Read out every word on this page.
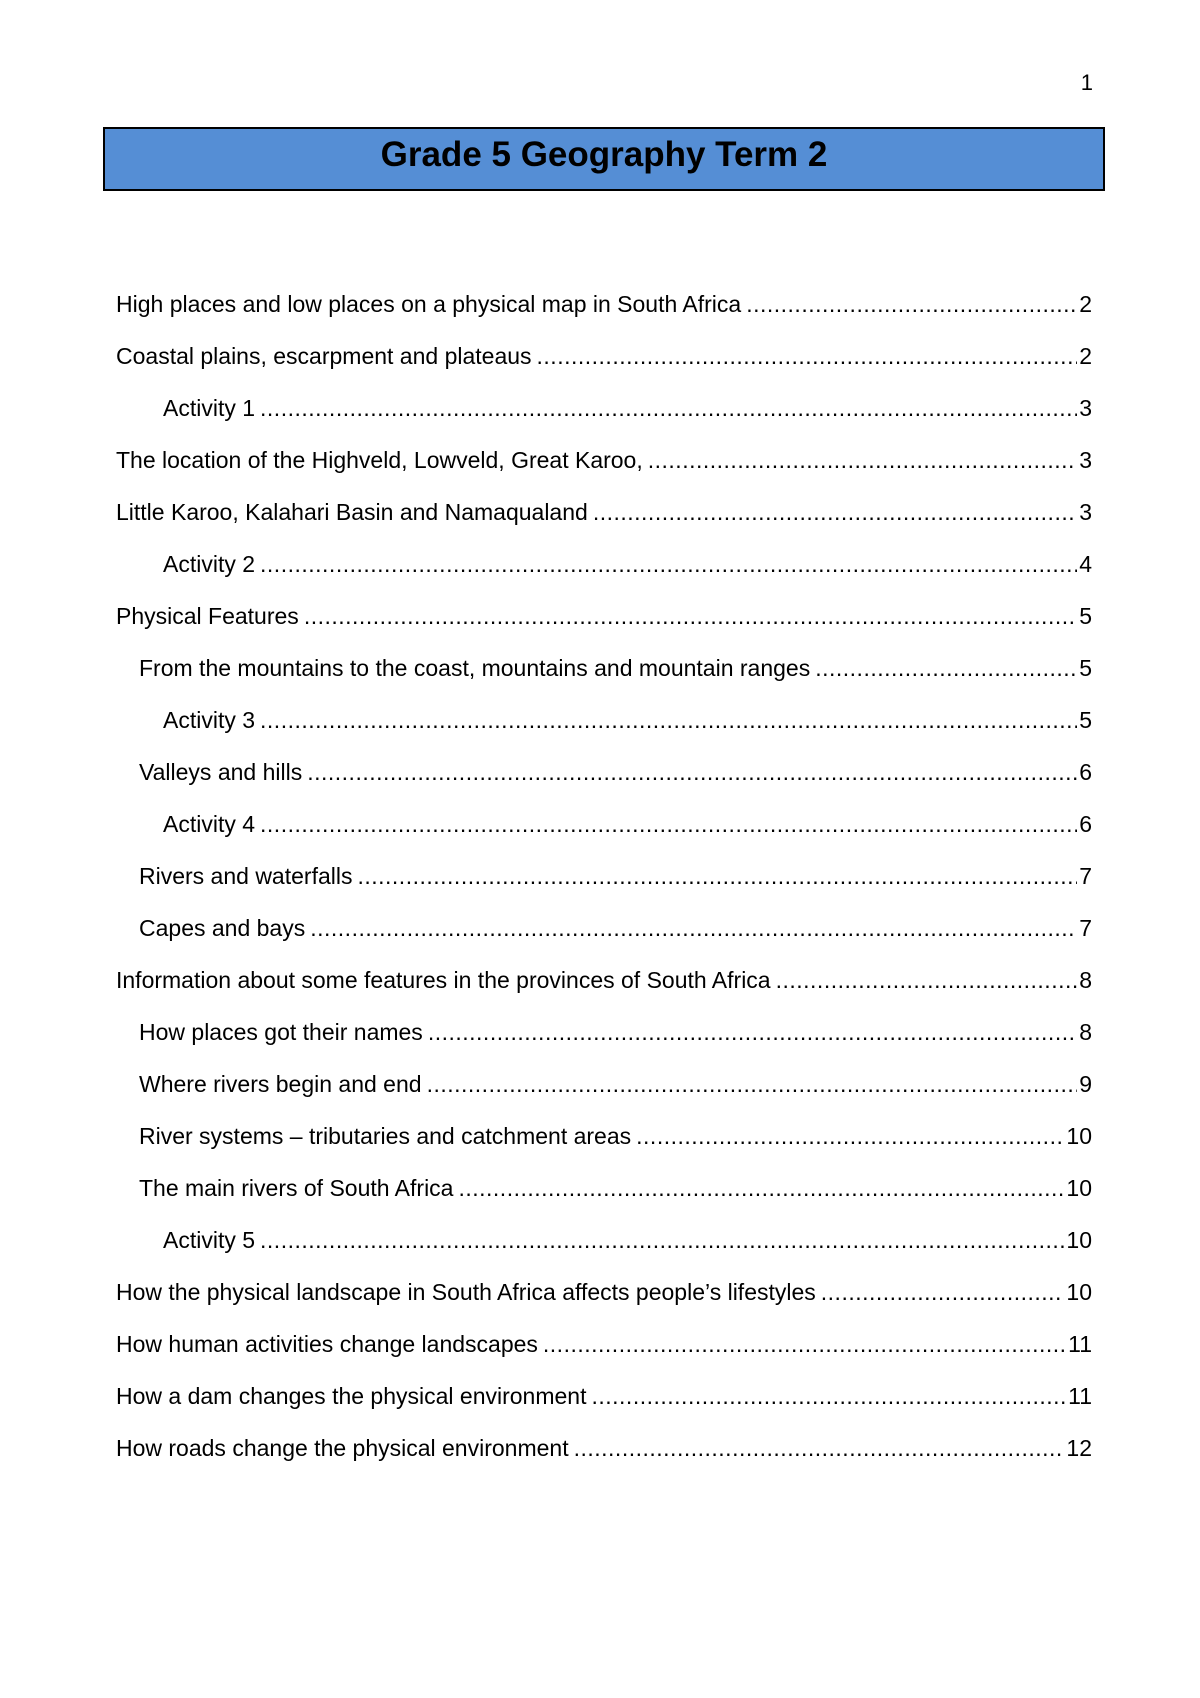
1
Grade 5 Geography Term 2
High places and low places on a physical map in South Africa .....	2
Coastal plains, escarpment and plateaus .....	2
Activity 1 .....	3
The location of the Highveld, Lowveld, Great Karoo, .....	3
Little Karoo, Kalahari Basin and Namaqualand .....	3
Activity 2 .....	4
Physical Features .....	5
From the mountains to the coast, mountains and mountain ranges .....	5
Activity 3 .....	5
Valleys and hills .....	6
Activity 4 .....	6
Rivers and waterfalls .....	7
Capes and bays .....	7
Information about some features in the provinces of South Africa .....	8
How places got their names .....	8
Where rivers begin and end .....	9
River systems – tributaries and catchment areas .....	10
The main rivers of South Africa .....	10
Activity 5 .....	10
How the physical landscape in South Africa affects people’s lifestyles .....	10
How human activities change landscapes .....	11
How a dam changes the physical environment .....	11
How roads change the physical environment .....	12
